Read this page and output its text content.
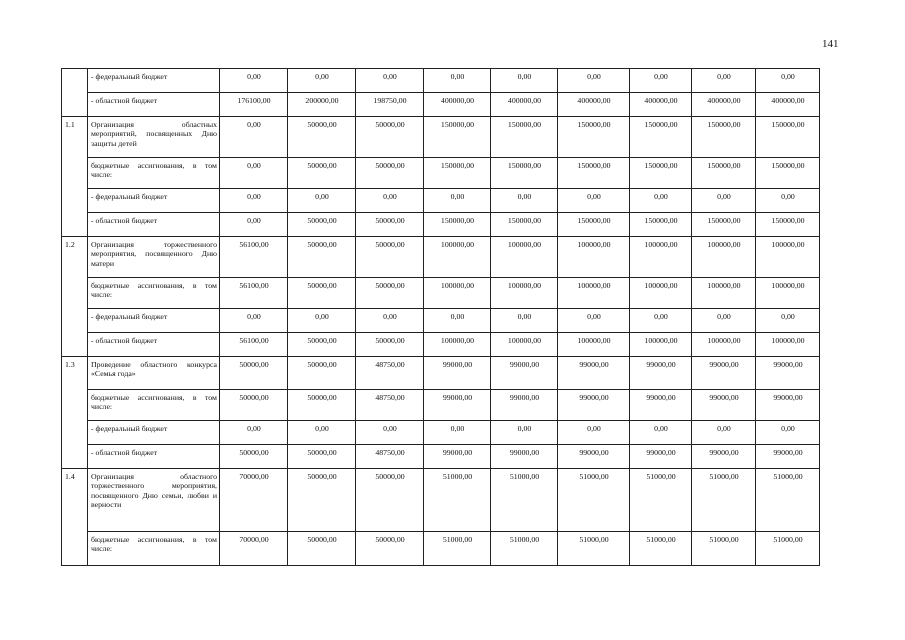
141
	- федеральный бюджет	0,00	0,00	0,00	0,00	0,00	0,00	0,00	0,00	0,00
	- областной бюджет	176100,00	200000,00	198750,00	400000,00	400000,00	400000,00	400000,00	400000,00	400000,00
1.1	Организация областных мероприятий, посвященных Дню защиты детей	0,00	50000,00	50000,00	150000,00	150000,00	150000,00	150000,00	150000,00	150000,00
	бюджетные ассигнования, в том числе:	0,00	50000,00	50000,00	150000,00	150000,00	150000,00	150000,00	150000,00	150000,00
	- федеральный бюджет	0,00	0,00	0,00	0,00	0,00	0,00	0,00	0,00	0,00
	- областной бюджет	0,00	50000,00	50000,00	150000,00	150000,00	150000,00	150000,00	150000,00	150000,00
1.2	Организация торжественного мероприятия, посвященного Дню матери	56100,00	50000,00	50000,00	100000,00	100000,00	100000,00	100000,00	100000,00	100000,00
	бюджетные ассигнования, в том числе:	56100,00	50000,00	50000,00	100000,00	100000,00	100000,00	100000,00	100000,00	100000,00
	- федеральный бюджет	0,00	0,00	0,00	0,00	0,00	0,00	0,00	0,00	0,00
	- областной бюджет	56100,00	50000,00	50000,00	100000,00	100000,00	100000,00	100000,00	100000,00	100000,00
1.3	Проведение областного конкурса «Семья года»	50000,00	50000,00	48750,00	99000,00	99000,00	99000,00	99000,00	99000,00	99000,00
	бюджетные ассигнования, в том числе:	50000,00	50000,00	48750,00	99000,00	99000,00	99000,00	99000,00	99000,00	99000,00
	- федеральный бюджет	0,00	0,00	0,00	0,00	0,00	0,00	0,00	0,00	0,00
	- областной бюджет	50000,00	50000,00	48750,00	99000,00	99000,00	99000,00	99000,00	99000,00	99000,00
1.4	Организация областного торжественного мероприятия, посвященного Дню семьи, любви и верности	70000,00	50000,00	50000,00	51000,00	51000,00	51000,00	51000,00	51000,00	51000,00
	бюджетные ассигнования, в том числе:	70000,00	50000,00	50000,00	51000,00	51000,00	51000,00	51000,00	51000,00	51000,00
